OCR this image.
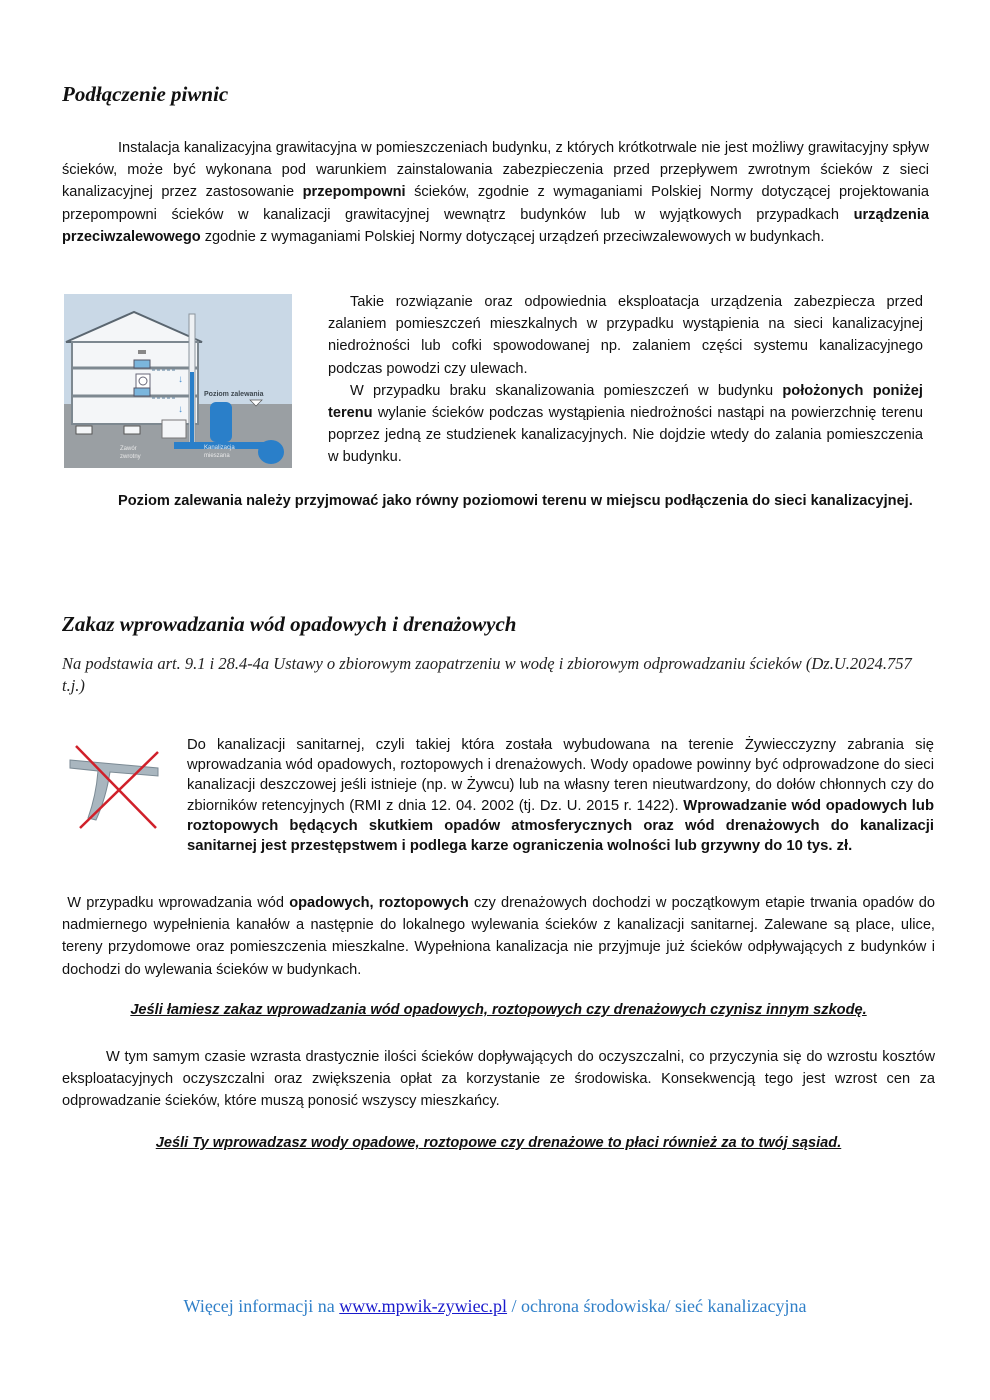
Podłączenie piwnic

Instalacja kanalizacyjna grawitacyjna w pomieszczeniach budynku, z których krótkotrwale nie jest możliwy grawitacyjny spływ ścieków, może być wykonana pod warunkiem zainstalowania zabezpieczenia przed przepływem zwrotnym ścieków z sieci kanalizacyjnej przez zastosowanie przepompowni ścieków, zgodnie z wymaganiami Polskiej Normy dotyczącej projektowania przepompowni ścieków w kanalizacji grawitacyjnej wewnątrz budynków lub w wyjątkowych przypadkach urządzenia przeciwzalewowego zgodnie z wymaganiami Polskiej Normy dotyczącej urządzeń przeciwzalewowych w budynkach.

↓
↓
Poziom zalewania
Zawór
zwrotny
Kanalizacja
mieszana

Takie rozwiązanie oraz odpowiednia eksploatacja urządzenia zabezpiecza przed zalaniem pomieszczeń mieszkalnych w przypadku wystąpienia na sieci kanalizacyjnej niedrożności lub cofki spowodowanej np. zalaniem części systemu kanalizacyjnego podczas powodzi czy ulewach.

W przypadku braku skanalizowania pomieszczeń w budynku położonych poniżej terenu wylanie ścieków podczas wystąpienia niedrożności nastąpi na powierzchnię terenu poprzez jedną ze studzienek kanalizacyjnych. Nie dojdzie wtedy do zalania pomieszczenia w budynku.

Poziom zalewania należy przyjmować jako równy poziomowi terenu w miejscu podłączenia do sieci kanalizacyjnej.

Zakaz wprowadzania wód opadowych i drenażowych

Na podstawia art. 9.1 i 28.4-4a Ustawy o zbiorowym zaopatrzeniu w wodę i zbiorowym odprowadzaniu ścieków (Dz.U.2024.757 t.j.)

Do kanalizacji sanitarnej, czyli takiej która została wybudowana na terenie Żywiecczyzny zabrania się wprowadzania wód opadowych, roztopowych i drenażowych. Wody opadowe powinny być odprowadzone do sieci kanalizacji deszczowej jeśli istnieje (np. w Żywcu) lub na własny teren nieutwardzony, do dołów chłonnych czy do zbiorników retencyjnych (RMI z dnia 12. 04. 2002 (tj. Dz. U. 2015 r. 1422). Wprowadzanie wód opadowych lub roztopowych będących skutkiem opadów atmosferycznych oraz wód drenażowych do kanalizacji sanitarnej jest przestępstwem i podlega karze ograniczenia wolności lub grzywny do 10 tys. zł.

W przypadku wprowadzania wód opadowych, roztopowych czy drenażowych dochodzi w początkowym etapie trwania opadów do nadmiernego wypełnienia kanałów a następnie do lokalnego wylewania ścieków z kanalizacji sanitarnej. Zalewane są place, ulice, tereny przydomowe oraz pomieszczenia mieszkalne. Wypełniona kanalizacja nie przyjmuje już ścieków odpływających z budynków i dochodzi do wylewania ścieków w budynkach.

Jeśli łamiesz zakaz wprowadzania wód opadowych, roztopowych czy drenażowych czynisz innym szkodę.

W tym samym czasie wzrasta drastycznie ilości ścieków dopływających do oczyszczalni, co przyczynia się do wzrostu kosztów eksploatacyjnych oczyszczalni oraz zwiększenia opłat za korzystanie ze środowiska. Konsekwencją tego jest wzrost cen za odprowadzanie ścieków, które muszą ponosić wszyscy mieszkańcy.

Jeśli Ty wprowadzasz wody opadowe, roztopowe czy drenażowe to płaci również za to twój sąsiad.

Więcej informacji na www.mpwik-zywiec.pl / ochrona środowiska/ sieć kanalizacyjna
